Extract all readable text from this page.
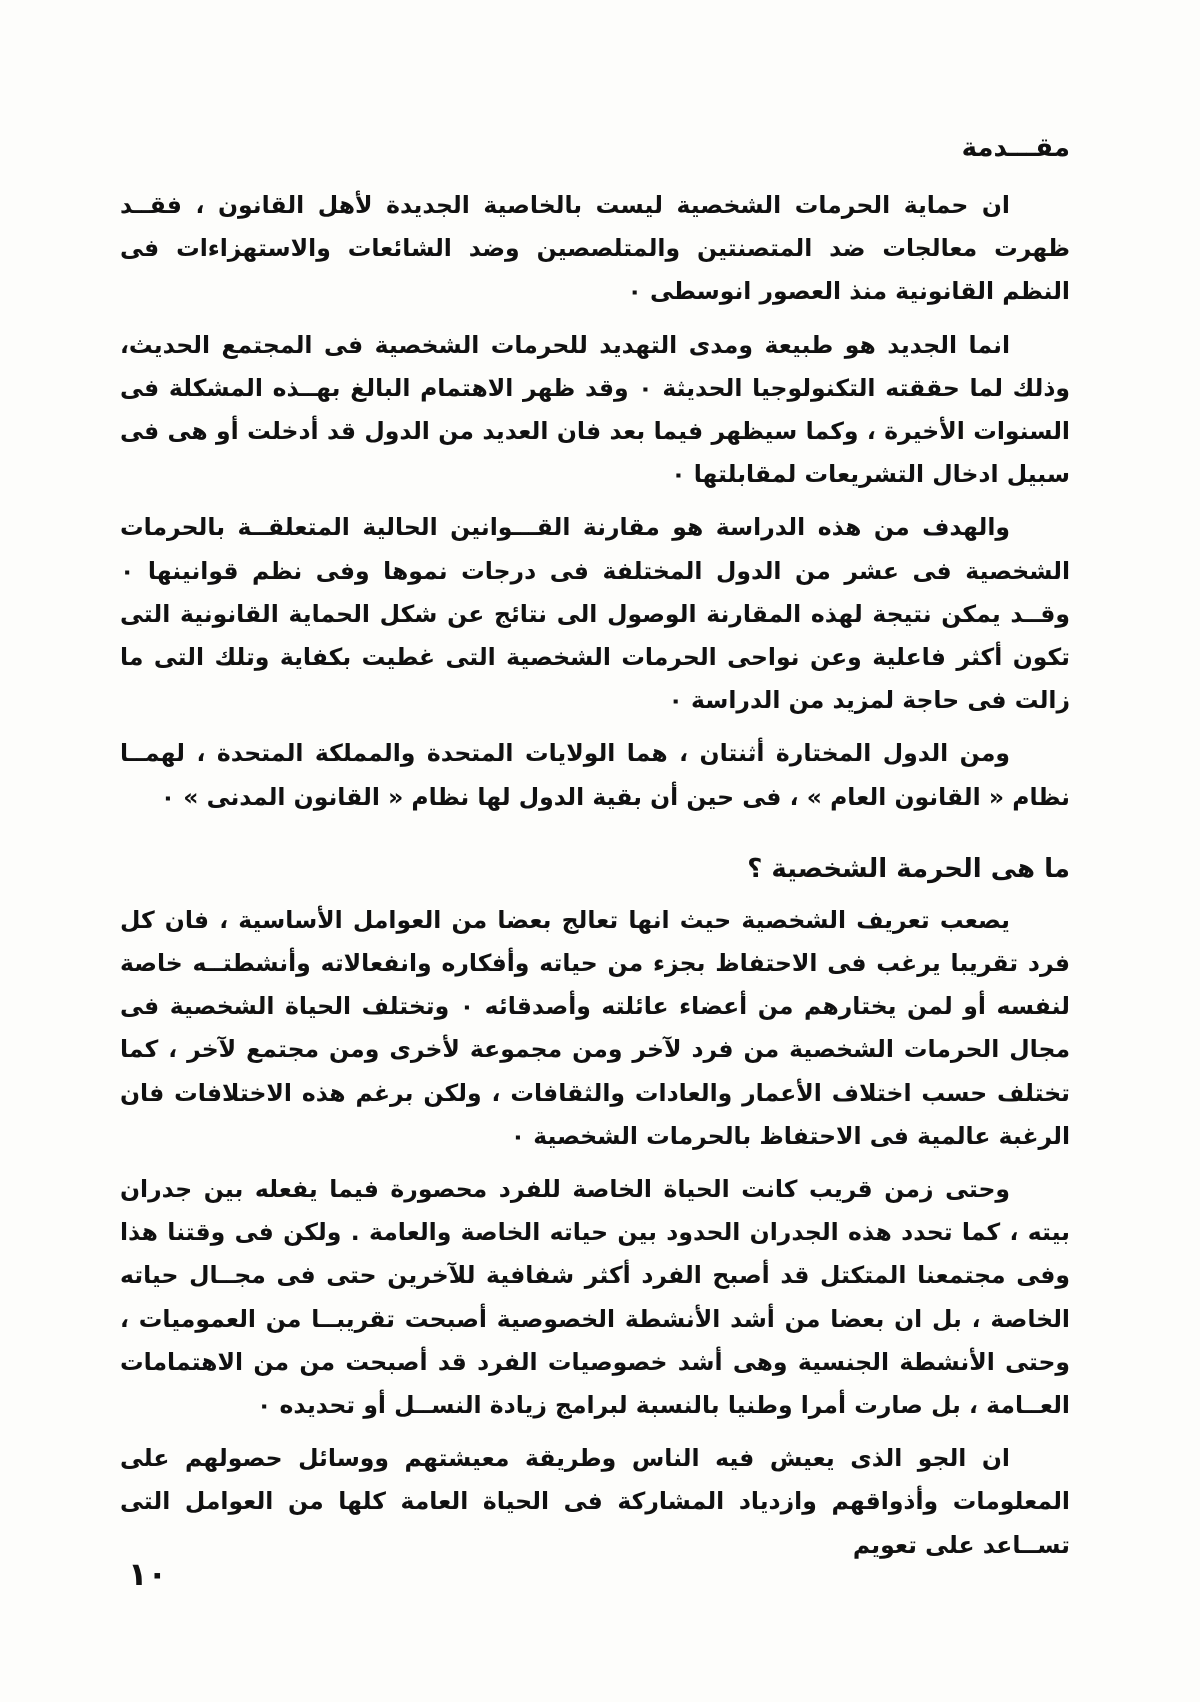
مقـــدمة

ان حماية الحرمات الشخصية ليست بالخاصية الجديدة لأهل القانون ، فقــد ظهرت معالجات ضد المتصنتين والمتلصصين وضد الشائعات والاستهزاءات فى النظم القانونية منذ العصور انوسطى ٠

انما الجديد هو طبيعة ومدى التهديد للحرمات الشخصية فى المجتمع الحديث، وذلك لما حققته التكنولوجيا الحديثة ٠ وقد ظهر الاهتمام البالغ بهــذه المشكلة فى السنوات الأخيرة ، وكما سيظهر فيما بعد فان العديد من الدول قد أدخلت أو هى فى سبيل ادخال التشريعات لمقابلتها ٠

والهدف من هذه الدراسة هو مقارنة القـــوانين الحالية المتعلقــة بالحرمات الشخصية فى عشر من الدول المختلفة فى درجات نموها وفى نظم قوانينها ٠ وقــد يمكن نتيجة لهذه المقارنة الوصول الى نتائج عن شكل الحماية القانونية التى تكون أكثر فاعلية وعن نواحى الحرمات الشخصية التى غطيت بكفاية وتلك التى ما زالت فى حاجة لمزيد من الدراسة ٠

ومن الدول المختارة أثنتان ، هما الولايات المتحدة والمملكة المتحدة ، لهمــا نظام « القانون العام » ، فى حين أن بقية الدول لها نظام « القانون المدنى » ٠

ما هى الحرمة الشخصية ؟

يصعب تعريف الشخصية حيث انها تعالج بعضا من العوامل الأساسية ، فان كل فرد تقريبا يرغب فى الاحتفاظ بجزء من حياته وأفكاره وانفعالاته وأنشطتــه خاصة لنفسه أو لمن يختارهم من أعضاء عائلته وأصدقائه ٠ وتختلف الحياة الشخصية فى مجال الحرمات الشخصية من فرد لآخر ومن مجموعة لأخرى ومن مجتمع لآخر ، كما تختلف حسب اختلاف الأعمار والعادات والثقافات ، ولكن برغم هذه الاختلافات فان الرغبة عالمية فى الاحتفاظ بالحرمات الشخصية ٠

وحتى زمن قريب كانت الحياة الخاصة للفرد محصورة فيما يفعله بين جدران بيته ، كما تحدد هذه الجدران الحدود بين حياته الخاصة والعامة . ولكن فى وقتنا هذا وفى مجتمعنا المتكتل قد أصبح الفرد أكثر شفافية للآخرين حتى فى مجــال حياته الخاصة ، بل ان بعضا من أشد الأنشطة الخصوصية أصبحت تقريبــا من العموميات ، وحتى الأنشطة الجنسية وهى أشد خصوصيات الفرد قد أصبحت من من الاهتمامات العــامة ، بل صارت أمرا وطنيا بالنسبة لبرامج زيادة النســل أو تحديده ٠

ان الجو الذى يعيش فيه الناس وطريقة معيشتهم ووسائل حصولهم على المعلومات وأذواقهم وازدياد المشاركة فى الحياة العامة كلها من العوامل التى تســاعد على تعويم

١٠
